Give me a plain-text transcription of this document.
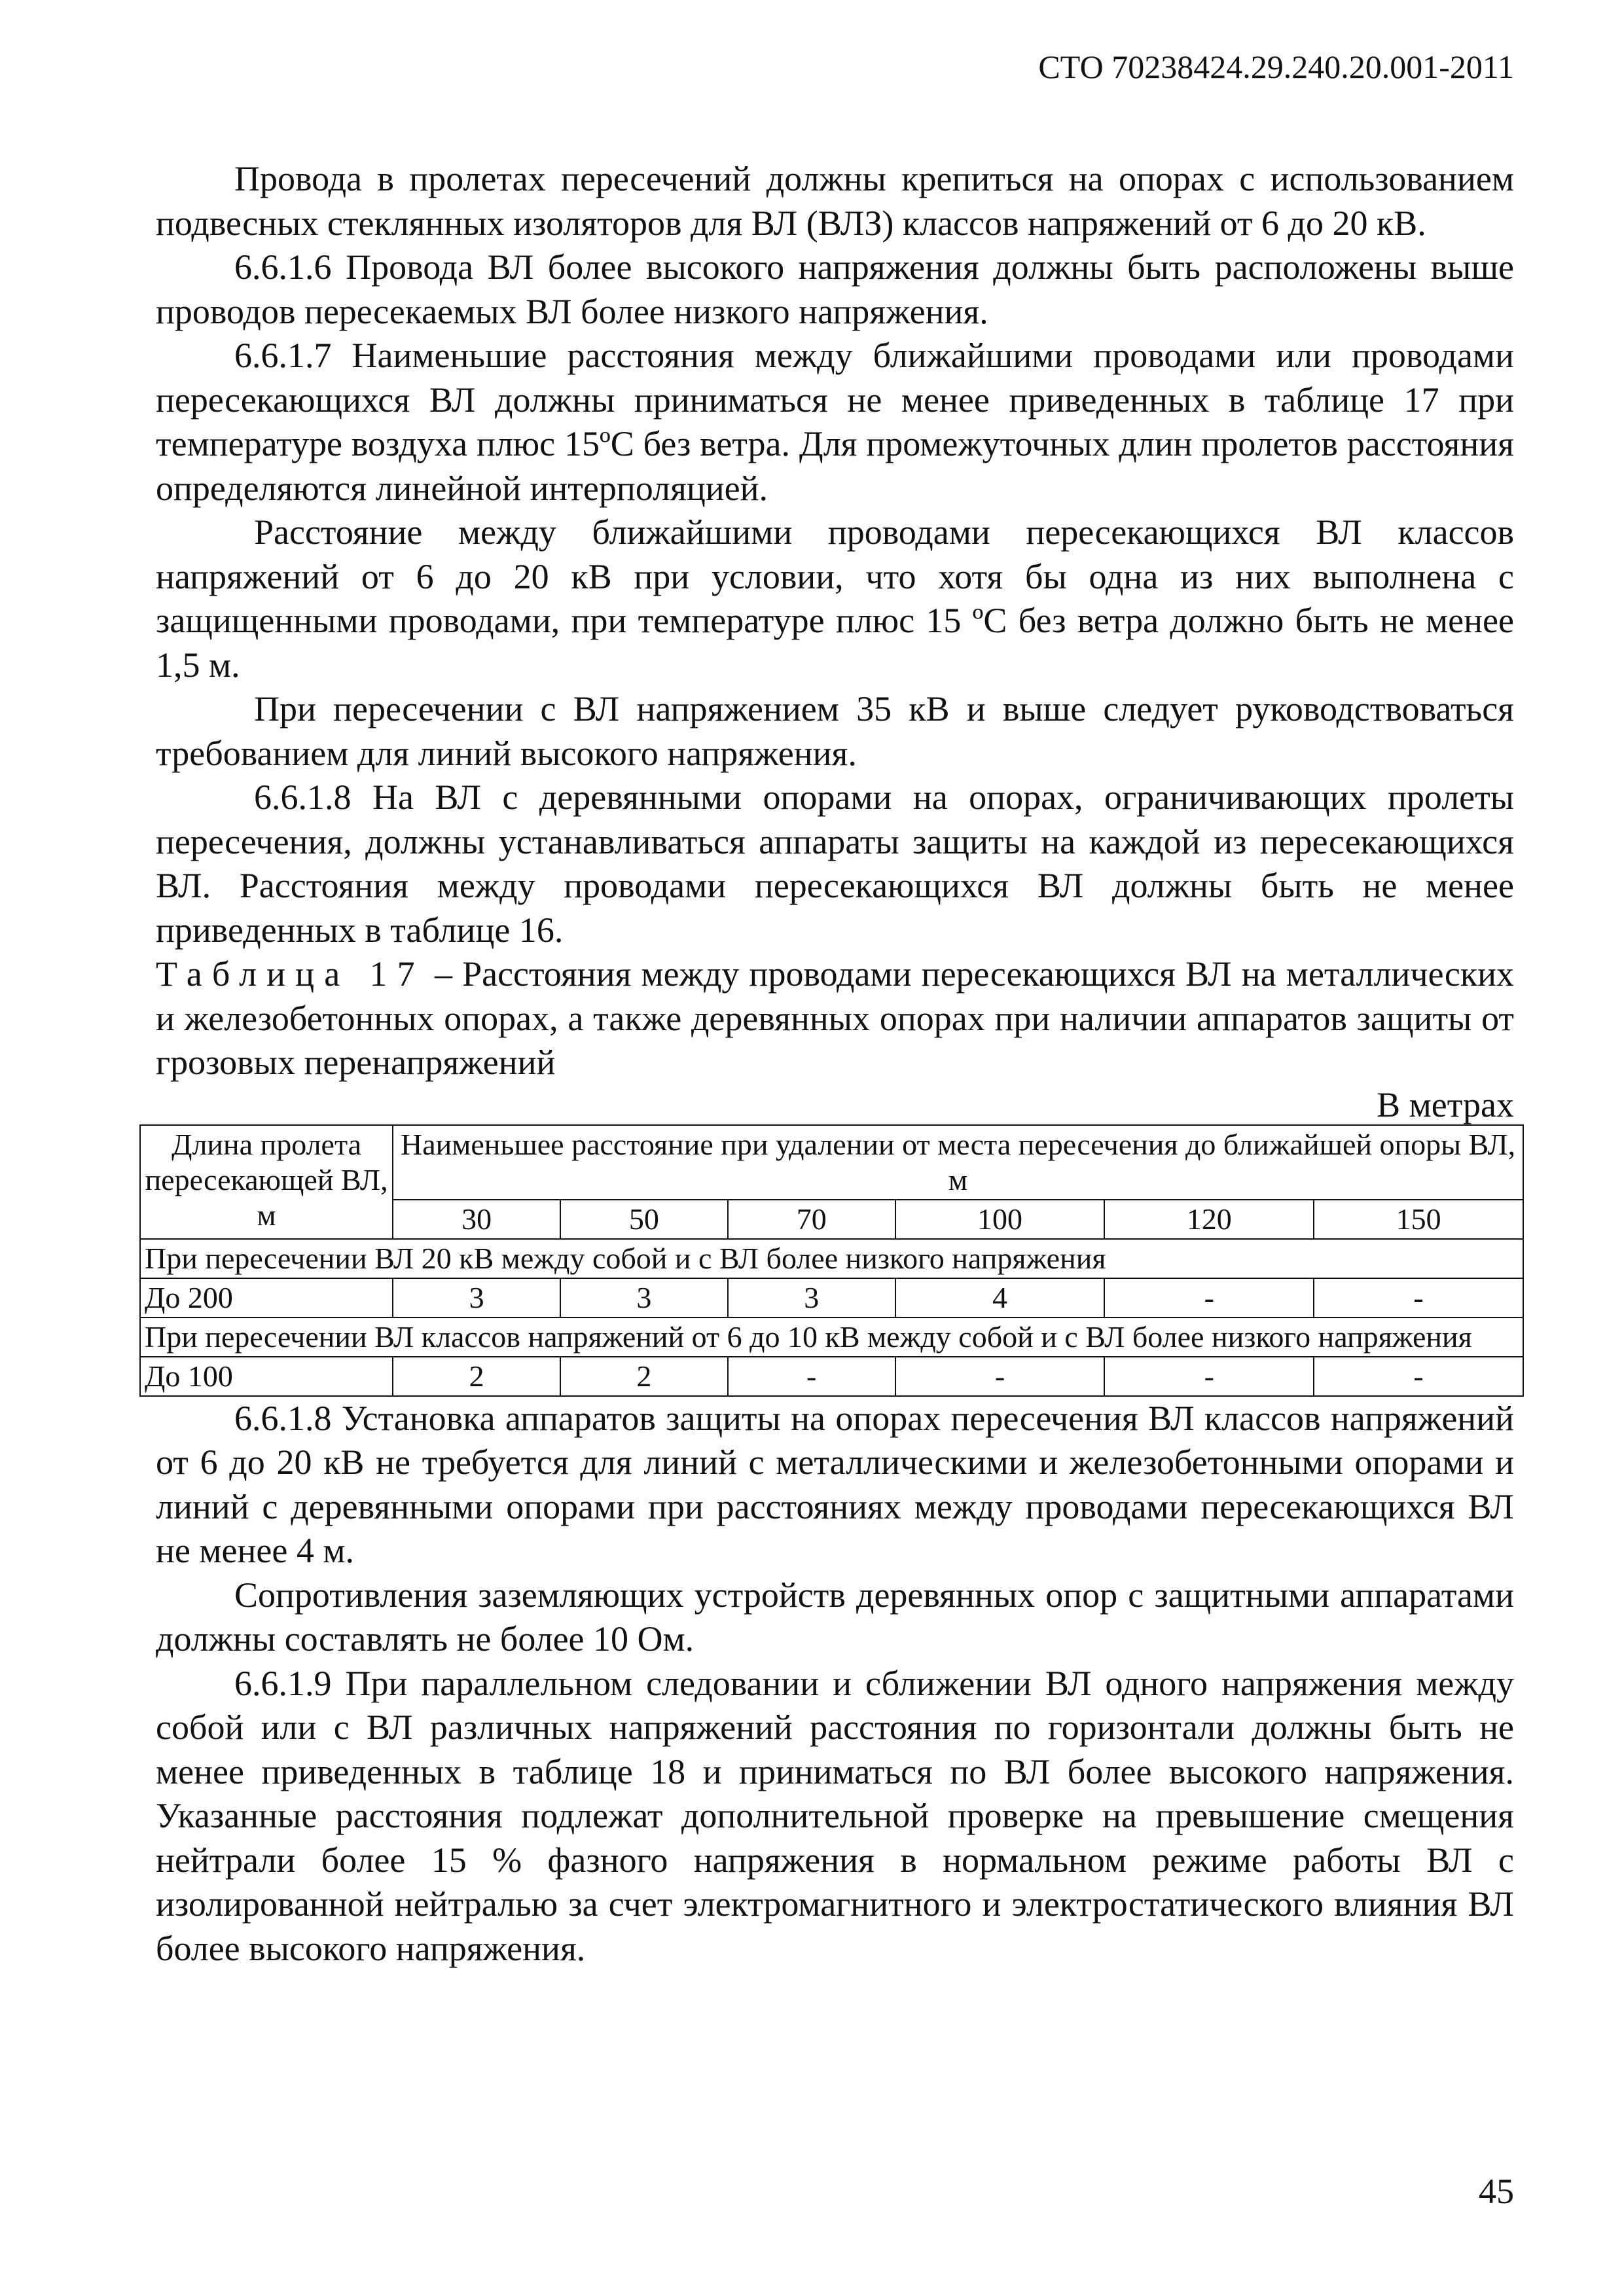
СТО 70238424.29.240.20.001-2011

Провода в пролетах пересечений должны крепиться на опорах с использованием подвесных стеклянных изоляторов для ВЛ (ВЛЗ) классов напряжений от 6 до 20 кВ.

6.6.1.6 Провода ВЛ более высокого напряжения должны быть расположены выше проводов пересекаемых ВЛ более низкого напряжения.

6.6.1.7 Наименьшие расстояния между ближайшими проводами или проводами пересекающихся ВЛ должны приниматься не менее приведенных в таблице 17 при температуре воздуха плюс 15ºС без ветра. Для промежуточных длин пролетов расстояния определяются линейной интерполяцией.

Расстояние между ближайшими проводами пересекающихся ВЛ классов напряжений от 6 до 20 кВ при условии, что хотя бы одна из них выполнена с защищенными проводами, при температуре плюс 15 ºС без ветра должно быть не менее 1,5 м.

При пересечении с ВЛ напряжением 35 кВ и выше следует руководствоваться требованием для линий высокого напряжения.

6.6.1.8 На ВЛ с деревянными опорами на опорах, ограничивающих пролеты пересечения, должны устанавливаться аппараты защиты на каждой из пересекающихся ВЛ. Расстояния между проводами пересекающихся ВЛ должны быть не менее приведенных в таблице 16.

Таблица 17 – Расстояния между проводами пересекающихся ВЛ на металлических и железобетонных опорах, а также деревянных опорах при наличии аппаратов защиты от грозовых перенапряжений

В метрах

Длина пролета пересекающей ВЛ, м	Наименьшее расстояние при удалении от места пересечения до ближайшей опоры ВЛ, м					
	30	50	70	100	120	150
При пересечении ВЛ 20 кВ между собой и с ВЛ более низкого напряжения						
До 200	3	3	3	4	-	-
При пересечении ВЛ классов напряжений от 6 до 10 кВ между собой и с ВЛ более низкого напряжения						
До 100	2	2	-	-	-	-

6.6.1.8 Установка аппаратов защиты на опорах пересечения ВЛ классов напряжений от 6 до 20 кВ не требуется для линий с металлическими и железобетонными опорами и линий с деревянными опорами при расстояниях между проводами пересекающихся ВЛ не менее 4 м.

Сопротивления заземляющих устройств деревянных опор с защитными аппаратами должны составлять не более 10 Ом.

6.6.1.9 При параллельном следовании и сближении ВЛ одного напряжения между собой или с ВЛ различных напряжений расстояния по горизонтали должны быть не менее приведенных в таблице 18 и приниматься по ВЛ более высокого напряжения. Указанные расстояния подлежат дополнительной проверке на превышение смещения нейтрали более 15 % фазного напряжения в нормальном режиме работы ВЛ с изолированной нейтралью за счет электромагнитного и электростатического влияния ВЛ более высокого напряжения.

45
